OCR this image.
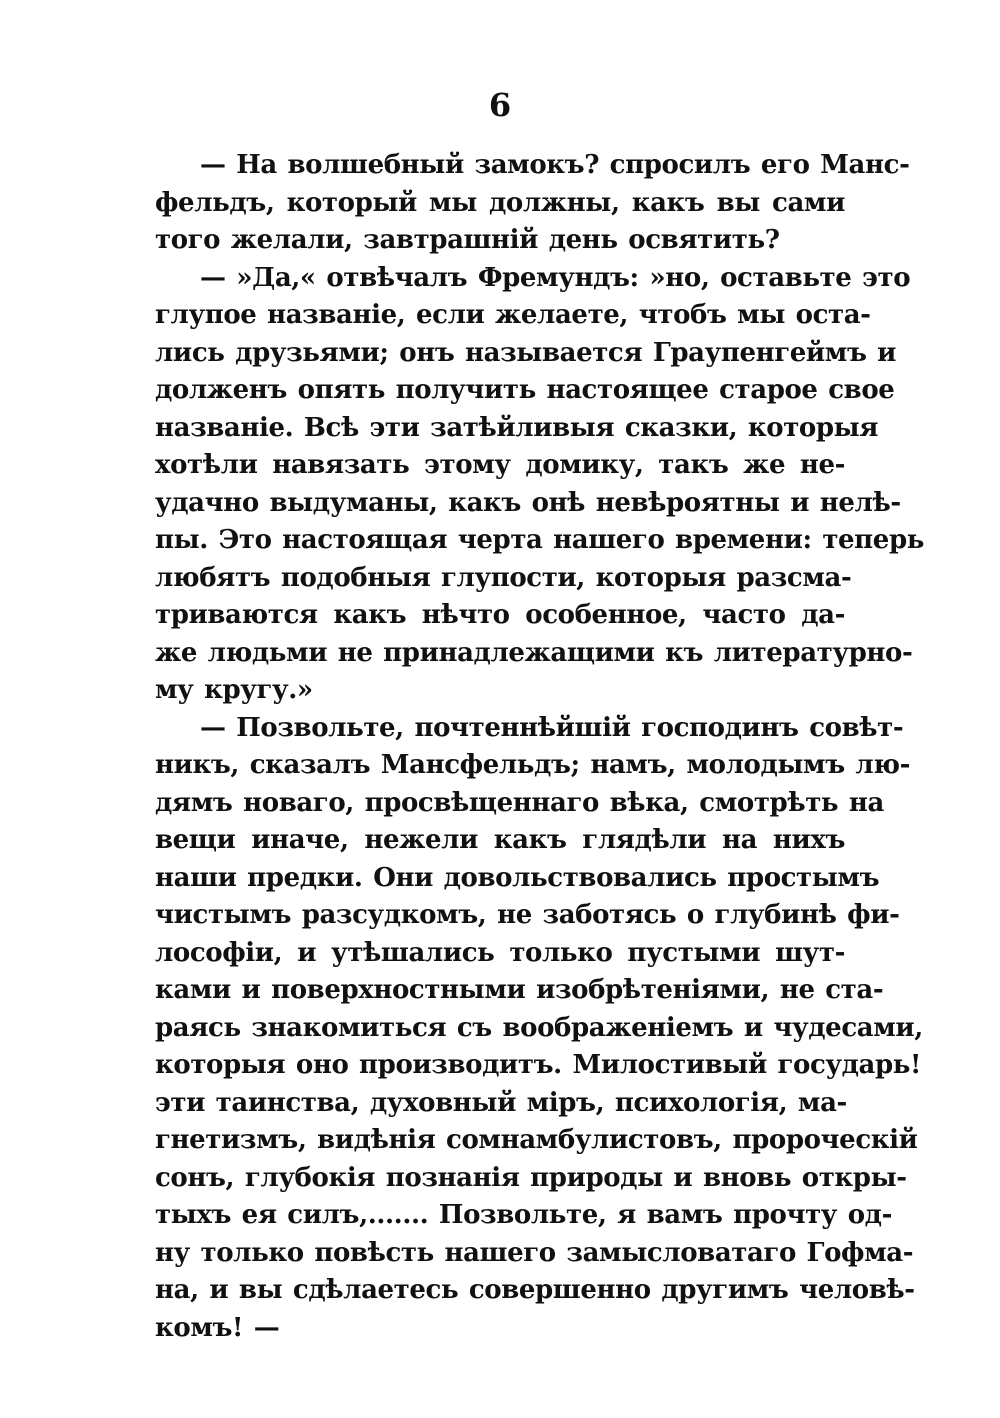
6
— На волшебный замокъ? спросилъ его Манс-
фельдъ, который мы должны, какъ вы сами
того желали, завтрашній день освятить?
— »Да,« отвѣчалъ Фремундъ: »но, оставьте это
глупое названіе, если желаете, чтобъ мы оста-
лись друзьями; онъ называется Граупенгеймъ и
долженъ опять получить настоящее старое свое
названіе. Всѣ эти затѣйливыя сказки, которыя
хотѣли навязать этому домику, такъ же не-
удачно выдуманы, какъ онѣ невѣроятны и нелѣ-
пы. Это настоящая черта нашего времени: теперь
любятъ подобныя глупости, которыя разсма-
триваются какъ нѣчто особенное, часто да-
же людьми не принадлежащими къ литературно-
му кругу.»
— Позвольте, почтеннѣйшій господинъ совѣт-
никъ, сказалъ Мансфельдъ; намъ, молодымъ лю-
дямъ новаго, просвѣщеннаго вѣка, смотрѣть на
вещи иначе, нежели какъ глядѣли на нихъ
наши предки. Они довольствовались простымъ
чистымъ разсудкомъ, не заботясь о глубинѣ фи-
лософіи, и утѣшались только пустыми шут-
ками и поверхностными изобрѣтеніями, не ста-
раясь знакомиться съ воображеніемъ и чудесами,
которыя оно производитъ. Милостивый государь!
эти таинства, духовный міръ, психологія, ма-
гнетизмъ, видѣнія сомнамбулистовъ, пророческій
сонъ, глубокія познанія природы и вновь откры-
тыхъ ея силъ,....... Позвольте, я вамъ прочту од-
ну только повѣсть нашего замысловатаго Гофма-
на, и вы сдѣлаетесь совершенно другимъ человѣ-
комъ! —
